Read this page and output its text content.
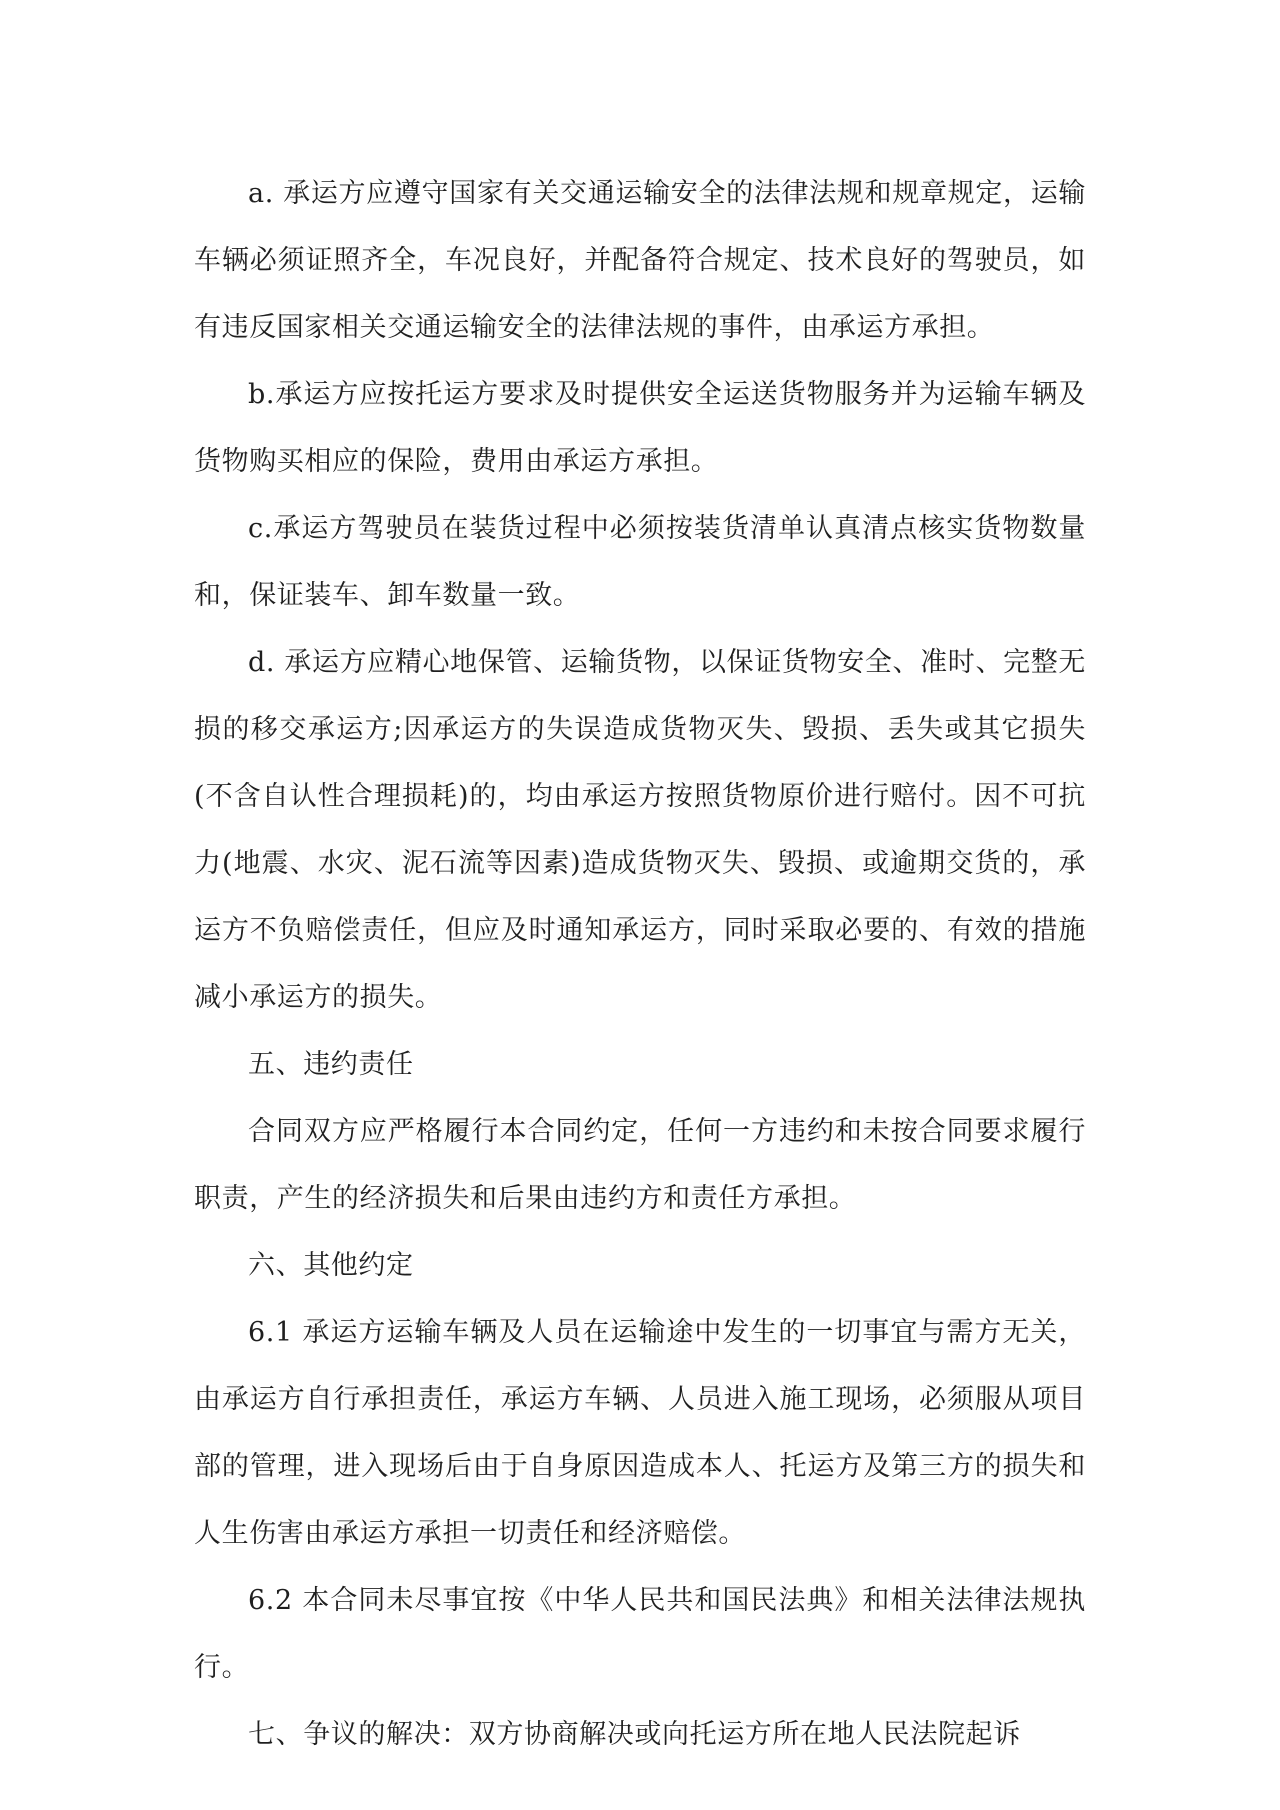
a. 承运方应遵守国家有关交通运输安全的法律法规和规章规定，运输车辆必须证照齐全，车况良好，并配备符合规定、技术良好的驾驶员，如有违反国家相关交通运输安全的法律法规的事件，由承运方承担。

b.承运方应按托运方要求及时提供安全运送货物服务并为运输车辆及货物购买相应的保险，费用由承运方承担。

c.承运方驾驶员在装货过程中必须按装货清单认真清点核实货物数量和，保证装车、卸车数量一致。

d. 承运方应精心地保管、运输货物，以保证货物安全、准时、完整无损的移交承运方;因承运方的失误造成货物灭失、毁损、丢失或其它损失(不含自认性合理损耗)的，均由承运方按照货物原价进行赔付。因不可抗力(地震、水灾、泥石流等因素)造成货物灭失、毁损、或逾期交货的，承运方不负赔偿责任，但应及时通知承运方，同时采取必要的、有效的措施减小承运方的损失。

五、违约责任

合同双方应严格履行本合同约定，任何一方违约和未按合同要求履行职责，产生的经济损失和后果由违约方和责任方承担。

六、其他约定

6.1 承运方运输车辆及人员在运输途中发生的一切事宜与需方无关，由承运方自行承担责任，承运方车辆、人员进入施工现场，必须服从项目部的管理，进入现场后由于自身原因造成本人、托运方及第三方的损失和人生伤害由承运方承担一切责任和经济赔偿。

6.2 本合同未尽事宜按《中华人民共和国民法典》和相关法律法规执行。

七、争议的解决：双方协商解决或向托运方所在地人民法院起诉
